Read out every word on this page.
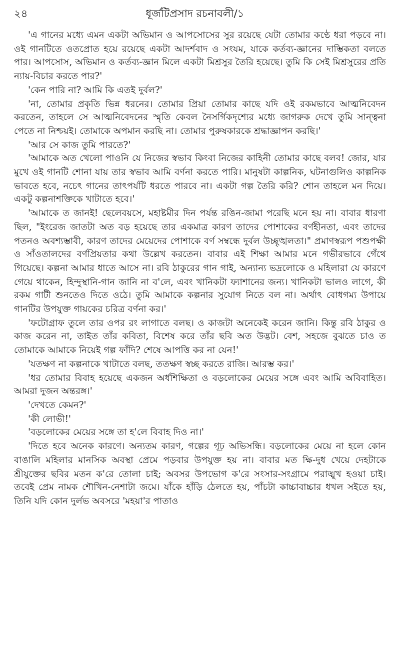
২৪	ধূর্জটিপ্রসাদ রচনাবলী/১

'এ গানের মধ্যে এমন একটা অভিমান ও আপসোসের সুর রয়েছে যেটা তোমার কণ্ঠে ধরা পড়বে না। ওই গানটিতে ওতপ্রোত হয়ে রয়েছে একটা আদর্শবাদ ও সংযম, যাকে কর্তব্য-জ্ঞানের দাম্ভিকতা বলতে পার। আপসোস, অভিমান ও কর্তব্য-জ্ঞান মিলে একটা মিশ্রসুর তৈরি হয়েছে। তুমি কি সেই মিশ্রসুরের প্রতি ন্যায়-বিচার করতে পার?'

'কেন পারি না? আমি কি এতই দুর্বল?'

'না, তোমার প্রকৃতি ভিন্ন ধরনের। তোমার প্রিয়া তোমার কাছে যদি ওই রকমভাবে আত্মনিবেদন করতেন, তাহলে সে আত্মনিবেদনের স্মৃতি কেবল নৈসর্গিকদৃশ্যের মধ্যে জাগরুক দেখে তুমি সান্ত্বনা পেতে না নিশ্চয়ই। তোমাকে অপমান করছি না। তোমার পুরুষকারকে শ্রদ্ধাজ্ঞাপন করছি।'

'আর সে কাজ তুমি পারতে?'

'আমাকে অত খেলো পাওনি যে নিজের স্বভাব কিংবা নিজের কাহিনী তোমার কাছে বলব! জোর, যার মুখে ওই গানটি শোনা যায় তার স্বভাব আমি বর্ণনা করতে পারি। মানুষটা কাল্পনিক, ঘটনাগুলিও কাল্পনিক ভাবতে হবে, নচেৎ গানের তাৎপর্যটি ধরতে পারবে না। একটা গল্প তৈরি করি? শোন তাহলে মন দিয়ে। একটু কল্পনাশক্তিকে খাটাতে হবে।'

'আমাকে ত জানই! ছেলেবয়সে, মহাষ্টমীর দিন পর্যন্ত রঙিন-জামা পরেছি মনে হয় না। বাবার ধারণা ছিল, "ইংরেজ জাতটা অত বড় হয়েছে তার একমাত্র কারণ তাদের পোশাকের বর্ণহীনতা, এবং তাদের পতনও অবশ্যম্ভাবী, কারণ তাদের মেয়েদের পোশাকে বর্ণ সম্বন্ধে দুর্বল উচ্ছৃঙ্খলতা।" প্রমাণস্বরূপ পশুপক্ষী ও সাঁওতালদের বর্ণপ্রিয়তার কথা উল্লেখ করতেন। বাবার এই শিক্ষা আমার মনে গভীরভাবে গেঁথে গিয়েছে। কল্পনা আমার ধাতে আসে না। রবি ঠাকুরের গান গাই, অন্যান্য ভদ্রলোকে ও মহিলারা যে কারণে গেয়ে থাকেন, হিন্দুস্থানি-গান জানি না ব'লে, এবং খানিকটা ফ্যাশানের জন্য। খানিকটা ভালও লাগে, কী রকম গাটী শুনতেও দিতে ওঠে। তুমি আমাকে কল্পনার সুযোগ নিতে বল না। অর্থাৎ বোধগম্য উপায়ে গানটির উপযুক্ত গায়কের চরিত্র বর্ণনা কর।'

'ফটোগ্রাফ তুলে তার ওপর রং লাগাতে বলছ। ও কাজটা অনেকেই করেন জানি। কিন্তু রবি ঠাকুর ও কাজ করেন না, তাইত তাঁর কবিতা, বিশেষ করে তাঁর ছবি অত উদ্ভট। বেশ, সহজে বুঝতে চাও ত তোমাকে আমাকে নিয়েই গল্প ফাঁদি? শেষে আপত্তি কর না যেন!'

'যতক্ষণ না কল্পনাকে খাটাতে বলছ, ততক্ষণ স্বচ্ছ করতে রাজি। আরম্ভ কর।'

'ধর তোমার বিবাহ হয়েছে একজন অর্ধশিক্ষিতা ও বড়লোকের মেয়ের সঙ্গে এবং আমি অবিবাহিত। আমরা দুজন অন্তরঙ্গ।'

'দেখতে কেমন?'

'কী লোভী!'

'বড়লোকের মেয়ের সঙ্গে তা হ'লে বিবাহ দিও না।'

'দিতে হবে অনেক কারণে। অন্যতম কারণ, গল্পের গূঢ় অভিসন্ধি। বড়লোকের মেয়ে না হলে কোন বাঙালি মহিলার মানসিক অবস্থা প্রেমে পড়বার উপযুক্ত হয় না। বাবার মত ক্ষি-দুধ খেয়ে দেহটাকে শ্রীযুক্তের ছবির মতন ক'রে তোলা চাই; অবসর উপভোগ ক'রে সংসার-সংগ্রামে পরাঙ্মুখ হওয়া চাই। তবেই প্রেম নামক শৌখিন-নেশাটা জমে। যাঁকে হাঁড়ি ঠেলতে হয়, পাঁচটা কাচ্চাবাচ্চার ধখল সইতে হয়, তিনি যদি কোন দুর্লভ অবসরে 'মহয়া'র পাতাও
